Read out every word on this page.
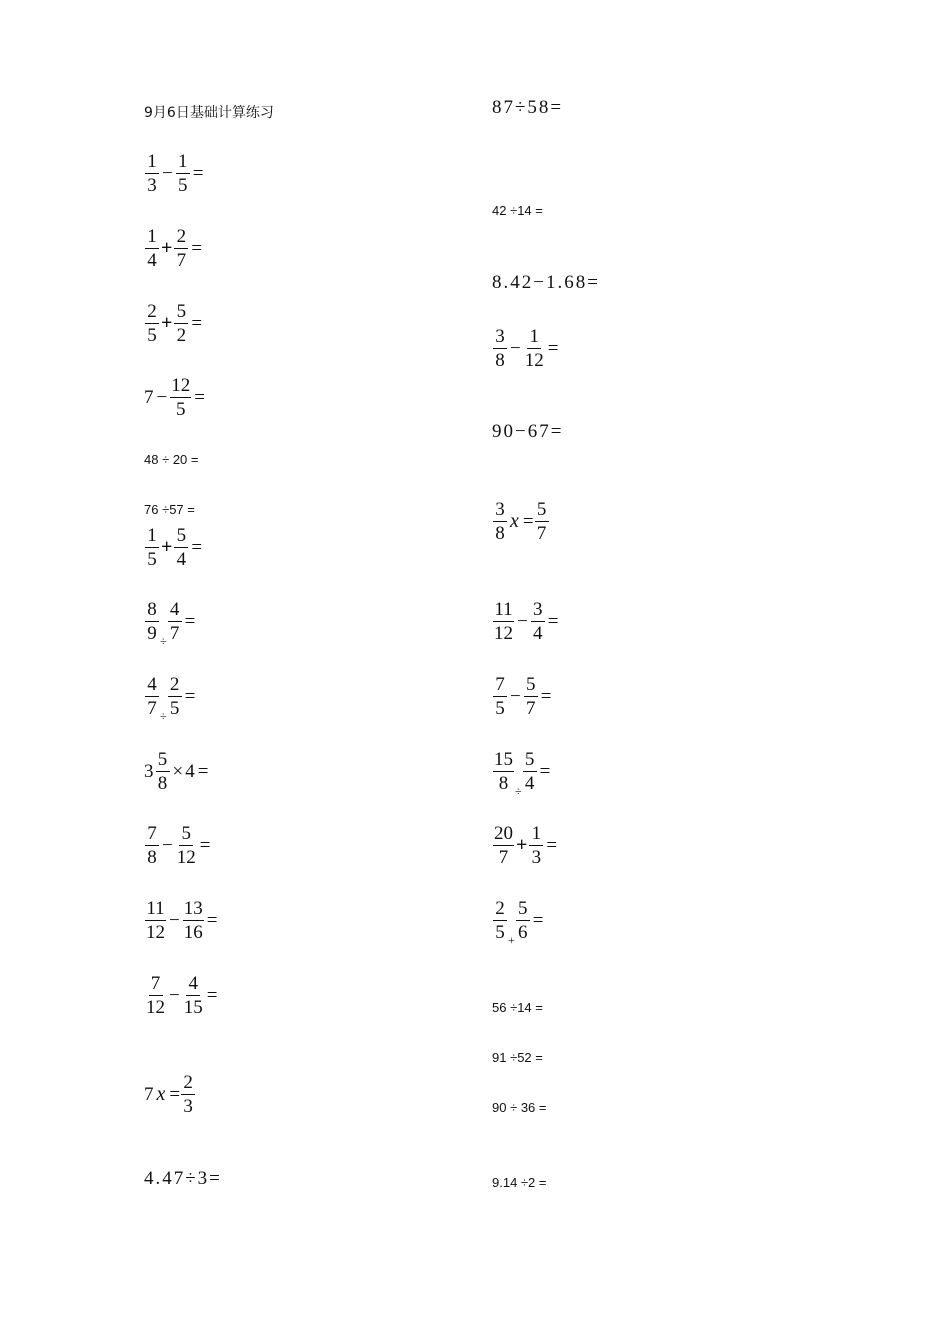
9月6日基础计算练习
$\frac{1}{3} - \frac{1}{5}$ =
$\frac{1}{4} + \frac{2}{7}$ =
$\frac{2}{5} + \frac{5}{2}$ =
$7 - \frac{12}{5}$ =
48 ÷ 20 =
76 ÷57 =
$\frac{1}{5} + \frac{5}{4}$ =
$\frac{8}{9} \div \frac{4}{7}$ =
$\frac{4}{7} \div \frac{2}{5}$ =
$3 \frac{5}{8} \times 4$ =
$\frac{7}{8} - \frac{5}{12}$ =
$\frac{11}{12} - \frac{13}{16}$ =
$\frac{7}{12} - \frac{4}{15}$ =
7 $x = \frac{2}{3}$
4.47÷3=
87÷58=
42 ÷14 =
8.42−1.68=
$\frac{3}{8} - \frac{1}{12}$ =
90−67=
$\frac{3}{8}$ $x = \frac{5}{7}$
$\frac{11}{12} - \frac{3}{4}$ =
$\frac{7}{5} - \frac{5}{7}$ =
$\frac{15}{8} \div \frac{5}{4}$ =
$\frac{20}{7} + \frac{1}{3}$ =
$\frac{2}{5} + \frac{5}{6}$ =
56 ÷14 =
91 ÷52 =
90 ÷ 36 =
9.14 ÷2 =
